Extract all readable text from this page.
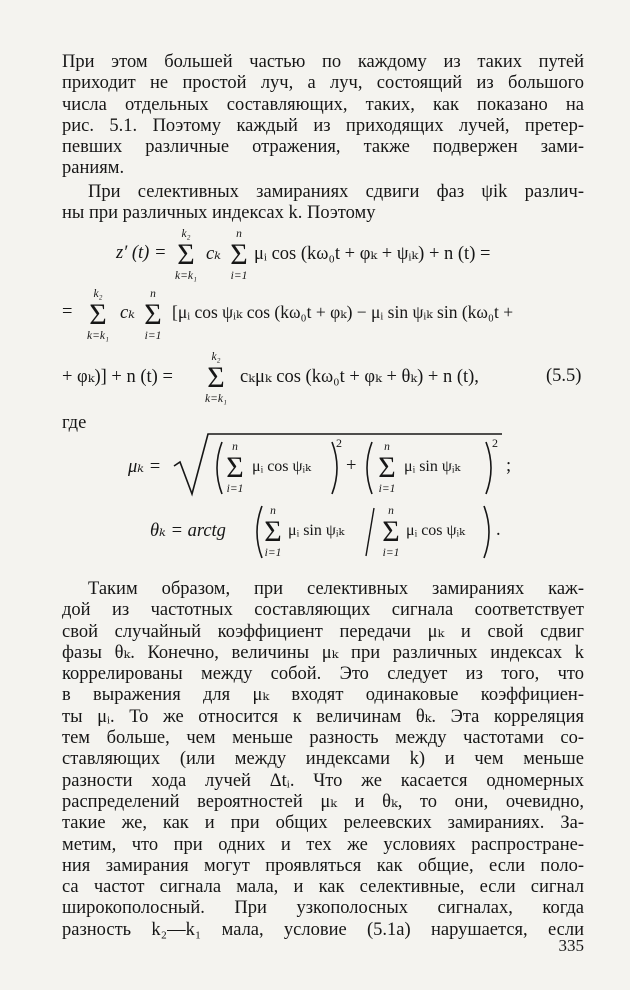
При этом большей частью по каждому из таких путей
приходит не простой луч, а луч, состоящий из большого
числа отдельных составляющих, таких, как показано на
рис. 5.1. Поэтому каждый из приходящих лучей, претер-
певших различные отражения, также подвержен зами-
раниям.
При селективных замираниях сдвиги фаз ψik различ-
ны при различных индексах k. Поэтому
z′ (t) =
k₂
Σ
k=k₁
cₖ
n
Σ
i=1
μᵢ cos (kω₀t + φₖ + ψᵢₖ) + n (t) =
=
k₂
Σ
k=k₁
cₖ
n
Σ
i=1
[μᵢ cos ψᵢₖ cos (kω₀t + φₖ) − μᵢ sin ψᵢₖ sin (kω₀t +
+ φₖ)] + n (t) =
k₂
Σ
k=k₁
cₖμₖ cos (kω₀t + φₖ + θₖ) + n (t),	(5.5)
где
μₖ =
n
Σ
i=1
μᵢ cos ψᵢₖ
2
+
n
Σ
i=1
μᵢ sin ψᵢₖ
2
;
θₖ = arctg
n
Σ
i=1
μᵢ sin ψᵢₖ
n
Σ
i=1
μᵢ cos ψᵢₖ .
Таким образом, при селективных замираниях каж-
дой из частотных составляющих сигнала соответствует
свой случайный коэффициент передачи μₖ и свой сдвиг
фазы θₖ. Конечно, величины μₖ при различных индексах k
коррелированы между собой. Это следует из того, что
в выражения для μₖ входят одинаковые коэффициен-
ты μᵢ. То же относится к величинам θₖ. Эта корреляция
тем больше, чем меньше разность между частотами со-
ставляющих (или между индексами k) и чем меньше
разности хода лучей Δtᵢ. Что же касается одномерных
распределений вероятностей μₖ и θₖ, то они, очевидно,
такие же, как и при общих релеевских замираниях. За-
метим, что при одних и тех же условиях распростране-
ния замирания могут проявляться как общие, если поло-
са частот сигнала мала, и как селективные, если сигнал
широкополосный. При узкополосных сигналах, когда
разность k₂—k₁ мала, условие (5.1а) нарушается, если
335
